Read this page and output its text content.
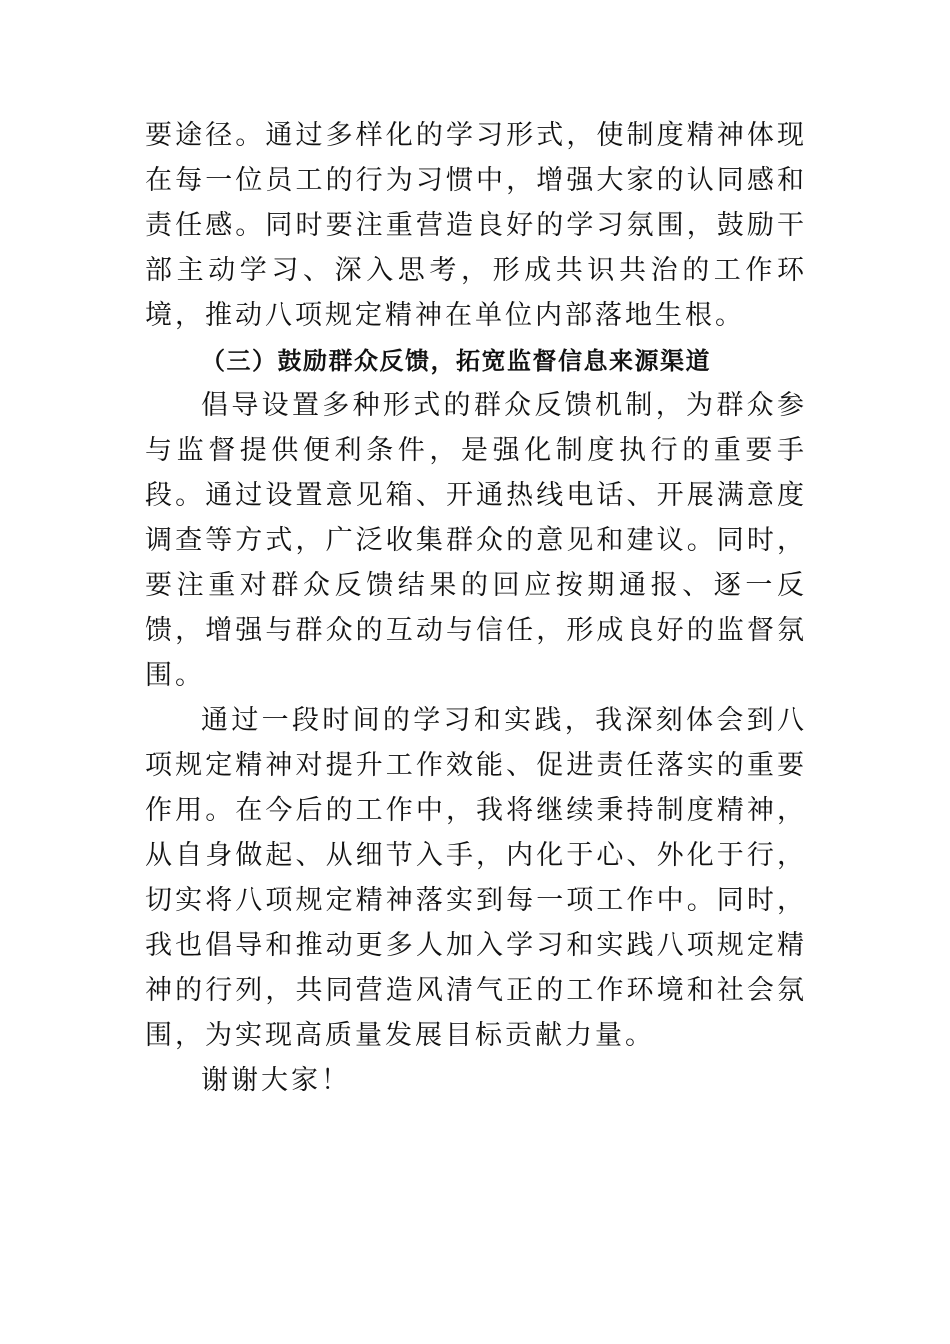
要途径。通过多样化的学习形式，使制度精神体现在每一位员工的行为习惯中，增强大家的认同感和责任感。同时要注重营造良好的学习氛围，鼓励干部主动学习、深入思考，形成共识共治的工作环境，推动八项规定精神在单位内部落地生根。

（三）鼓励群众反馈，拓宽监督信息来源渠道

倡导设置多种形式的群众反馈机制，为群众参与监督提供便利条件，是强化制度执行的重要手段。通过设置意见箱、开通热线电话、开展满意度调查等方式，广泛收集群众的意见和建议。同时，要注重对群众反馈结果的回应按期通报、逐一反馈，增强与群众的互动与信任，形成良好的监督氛围。

通过一段时间的学习和实践，我深刻体会到八项规定精神对提升工作效能、促进责任落实的重要作用。在今后的工作中，我将继续秉持制度精神，从自身做起、从细节入手，内化于心、外化于行，切实将八项规定精神落实到每一项工作中。同时，我也倡导和推动更多人加入学习和实践八项规定精神的行列，共同营造风清气正的工作环境和社会氛围，为实现高质量发展目标贡献力量。

谢谢大家！
